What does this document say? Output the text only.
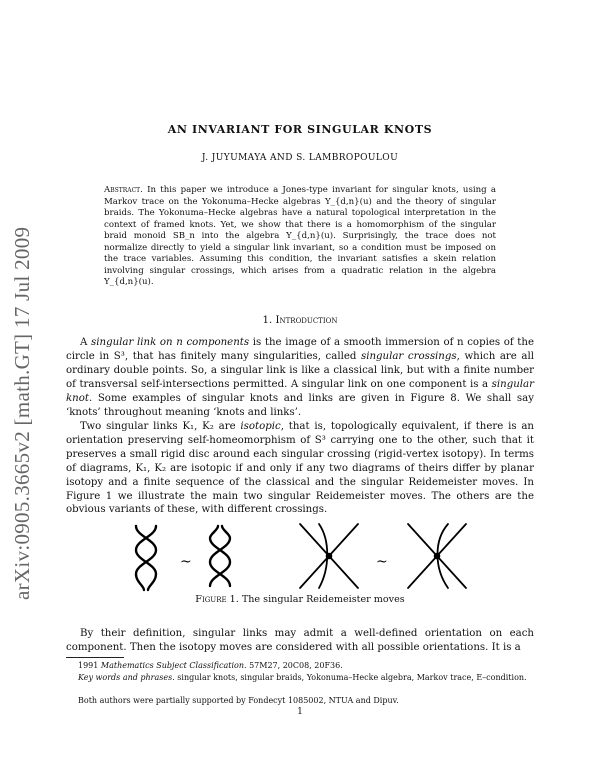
arXiv:0905.3665v2 [math.GT] 17 Jul 2009
AN INVARIANT FOR SINGULAR KNOTS
J. JUYUMAYA AND S. LAMBROPOULOU
Abstract. In this paper we introduce a Jones-type invariant for singular knots, using a Markov trace on the Yokonuma–Hecke algebras Y_{d,n}(u) and the theory of singular braids. The Yokonuma–Hecke algebras have a natural topological interpretation in the context of framed knots. Yet, we show that there is a homomorphism of the singular braid monoid SB_n into the algebra Y_{d,n}(u). Surprisingly, the trace does not normalize directly to yield a singular link invariant, so a condition must be imposed on the trace variables. Assuming this condition, the invariant satisfies a skein relation involving singular crossings, which arises from a quadratic relation in the algebra Y_{d,n}(u).
1. Introduction
A singular link on n components is the image of a smooth immersion of n copies of the circle in S³, that has finitely many singularities, called singular crossings, which are all ordinary double points. So, a singular link is like a classical link, but with a finite number of transversal self-intersections permitted. A singular link on one component is a singular knot. Some examples of singular knots and links are given in Figure 8. We shall say ‘knots’ throughout meaning ‘knots and links’.
Two singular links K₁, K₂ are isotopic, that is, topologically equivalent, if there is an orientation preserving self-homeomorphism of S³ carrying one to the other, such that it preserves a small rigid disc around each singular crossing (rigid-vertex isotopy). In terms of diagrams, K₁, K₂ are isotopic if and only if any two diagrams of theirs differ by planar isotopy and a finite sequence of the classical and the singular Reidemeister moves. In Figure 1 we illustrate the main two singular Reidemeister moves. The others are the obvious variants of these, with different crossings.
~	~
Figure 1. The singular Reidemeister moves
By their definition, singular links may admit a well-defined orientation on each component. Then the isotopy moves are considered with all possible orientations. It is a
1991 Mathematics Subject Classification. 57M27, 20C08, 20F36.
Key words and phrases. singular knots, singular braids, Yokonuma–Hecke algebra, Markov trace, E–condition.
Both authors were partially supported by Fondecyt 1085002, NTUA and Dipuv.
1
